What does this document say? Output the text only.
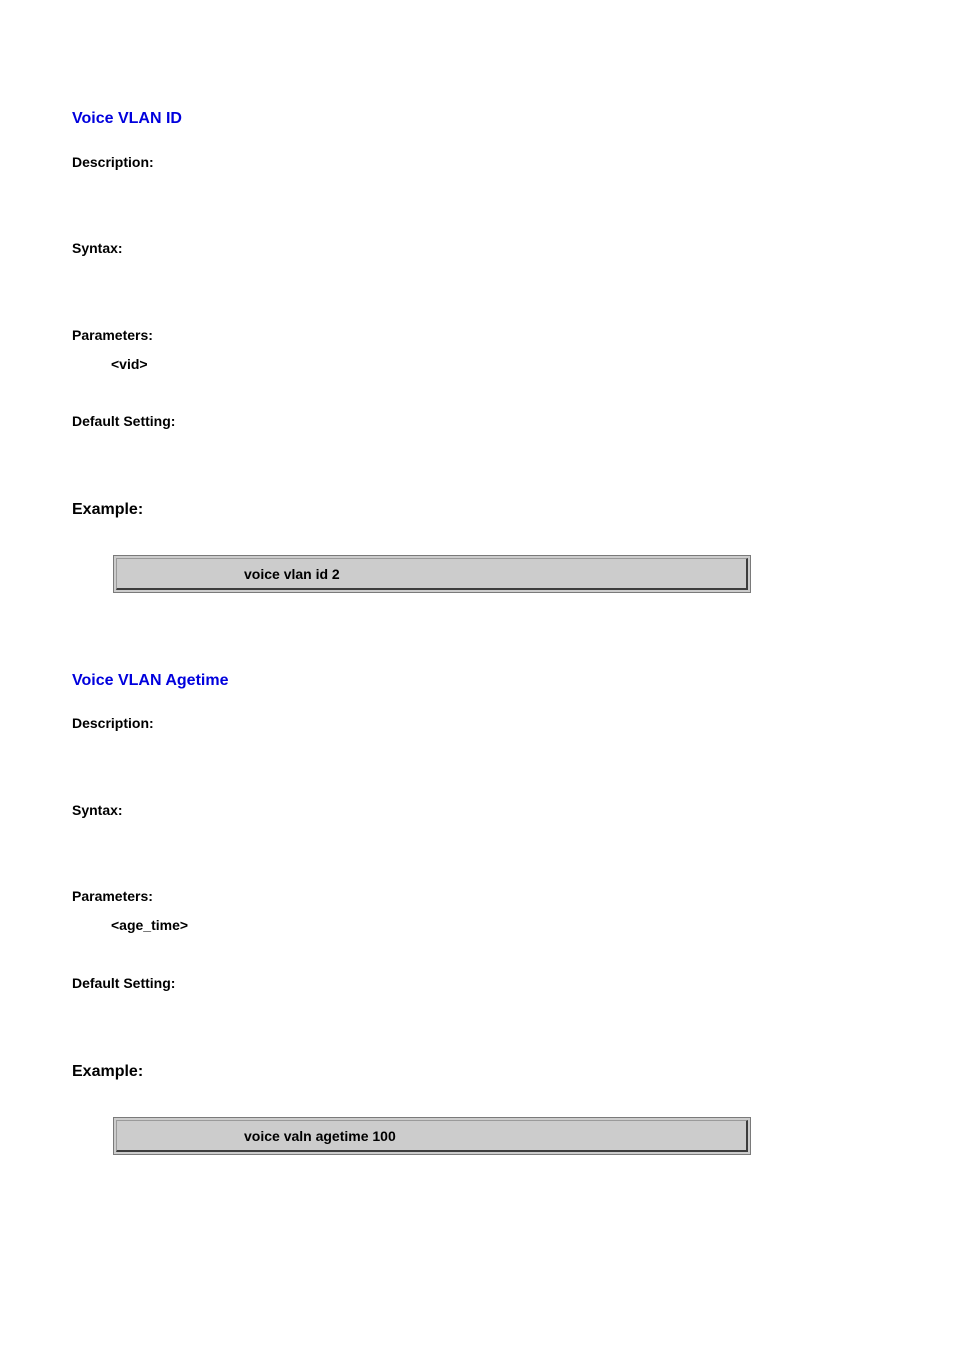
Voice VLAN ID
Description:
Syntax:
Parameters:
<vid>
Default Setting:
Example:
voice vlan id 2
Voice VLAN Agetime
Description:
Syntax:
Parameters:
<age_time>
Default Setting:
Example:
voice valn agetime 100
